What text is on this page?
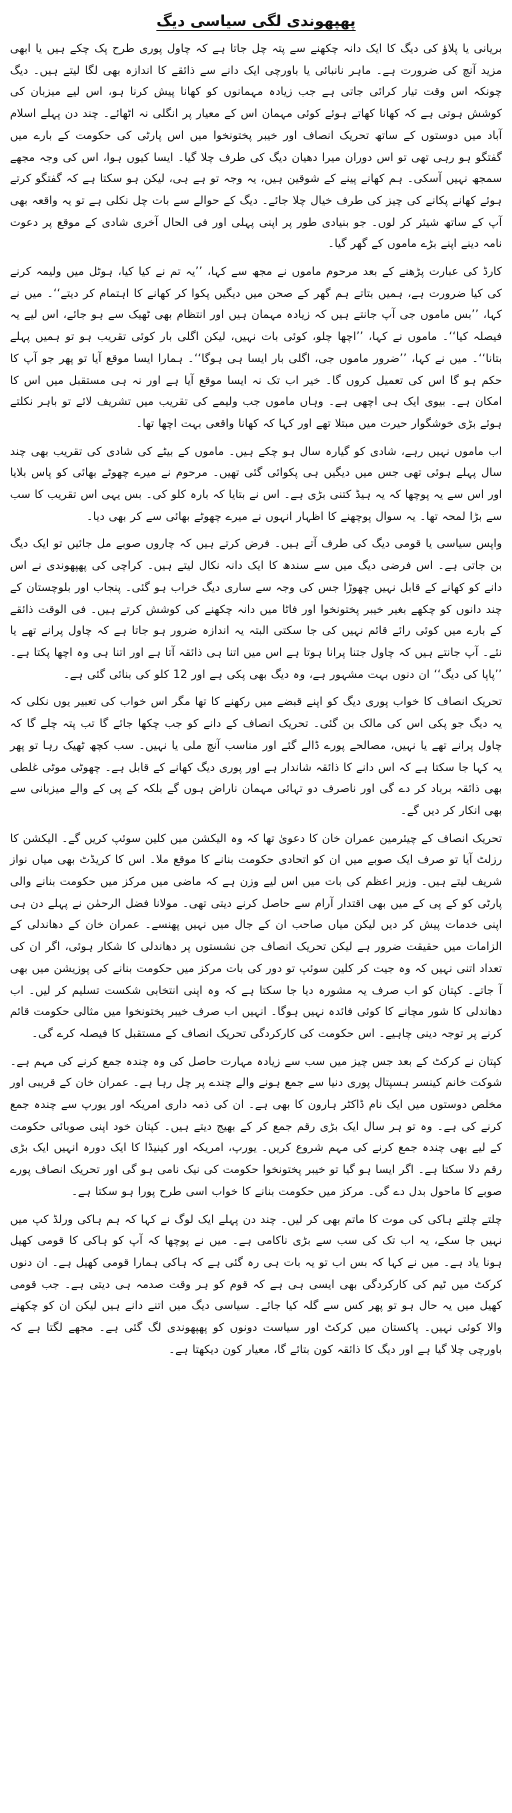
پھپھوندی لگی سیاسی دیگ

بریانی یا پلاؤ کی دیگ کا ایک دانہ چکھنے سے پتہ چل جاتا ہے کہ چاول پوری طرح پک چکے ہیں یا ابھی مزید آنچ کی ضرورت ہے۔ ماہر نانبائی یا باورچی ایک دانے سے ذائقے کا اندازہ بھی لگا لیتے ہیں۔ دیگ چونکہ اس وقت تیار کرائی جاتی ہے جب زیادہ مہمانوں کو کھانا پیش کرنا ہو، اس لیے میزبان کی کوشش ہوتی ہے کہ کھانا کھاتے ہوئے کوئی مہمان اس کے معیار پر انگلی نہ اٹھائے۔ چند دن پہلے اسلام آباد میں دوستوں کے ساتھ تحریک انصاف اور خیبر پختونخوا میں اس پارٹی کی حکومت کے بارے میں گفتگو ہو رہی تھی تو اس دوران میرا دھیان دیگ کی طرف چلا گیا۔ ایسا کیوں ہوا، اس کی وجہ مجھے سمجھ نہیں آسکی۔ ہم کھانے پینے کے شوقین ہیں، یہ وجہ تو ہے ہی، لیکن ہو سکتا ہے کہ گفتگو کرتے ہوئے کھانے پکانے کی چیز کی طرف خیال چلا جائے۔ دیگ کے حوالے سے بات چل نکلی ہے تو یہ واقعہ بھی آپ کے ساتھ شیئر کر لوں۔ جو بنیادی طور پر اپنی پہلی اور فی الحال آخری شادی کے موقع پر دعوت نامہ دینے اپنے بڑے ماموں کے گھر گیا۔

کارڈ کی عبارت پڑھنے کے بعد مرحوم ماموں نے مجھ سے کہا، ’’یہ تم نے کیا کیا، ہوٹل میں ولیمہ کرنے کی کیا ضرورت ہے، ہمیں بتاتے ہم گھر کے صحن میں دیگیں پکوا کر کھانے کا اہتمام کر دیتے‘‘۔ میں نے کہا، ’’بس ماموں جی آپ جانتے ہیں کہ زیادہ مہمان ہیں اور انتظام بھی ٹھیک سے ہو جائے، اس لیے یہ فیصلہ کیا‘‘۔ ماموں نے کہا، ’’اچھا چلو، کوئی بات نہیں، لیکن اگلی بار کوئی تقریب ہو تو ہمیں پہلے بتانا‘‘۔ میں نے کہا، ’’ضرور ماموں جی، اگلی بار ایسا ہی ہوگا‘‘۔ ہمارا ایسا موقع آیا تو پھر جو آپ کا حکم ہو گا اس کی تعمیل کروں گا۔ خیر اب تک نہ ایسا موقع آیا ہے اور نہ ہی مستقبل میں اس کا امکان ہے۔ بیوی ایک ہی اچھی ہے۔ وہاں ماموں جب ولیمے کی تقریب میں تشریف لائے تو باہر نکلتے ہوئے بڑی خوشگوار حیرت میں مبتلا تھے اور کہا کہ کھانا واقعی بہت اچھا تھا۔

اب ماموں نہیں رہے، شادی کو گیارہ سال ہو چکے ہیں۔ ماموں کے بیٹے کی شادی کی تقریب بھی چند سال پہلے ہوئی تھی جس میں دیگیں ہی پکوائی گئی تھیں۔ مرحوم نے میرے چھوٹے بھائی کو پاس بلایا اور اس سے یہ پوچھا کہ یہ ہیڈ کتنی بڑی ہے۔ اس نے بتایا کہ بارہ کلو کی۔ بس یہی اس تقریب کا سب سے بڑا لمحہ تھا۔ یہ سوال پوچھنے کا اظہار انہوں نے میرے چھوٹے بھائی سے کر بھی دیا۔

واپس سیاسی یا قومی دیگ کی طرف آتے ہیں۔ فرض کرتے ہیں کہ چاروں صوبے مل جائیں تو ایک دیگ بن جاتی ہے۔ اس فرضی دیگ میں سے سندھ کا ایک دانہ نکال لیتے ہیں۔ کراچی کی پھپھوندی نے اس دانے کو کھانے کے قابل نہیں چھوڑا جس کی وجہ سے ساری دیگ خراب ہو گئی۔ پنجاب اور بلوچستان کے چند دانوں کو چکھے بغیر خیبر پختونخوا اور فاٹا میں دانہ چکھنے کی کوشش کرتے ہیں۔ فی الوقت ذائقے کے بارے میں کوئی رائے قائم نہیں کی جا سکتی البتہ یہ اندازہ ضرور ہو جاتا ہے کہ چاول پرانے تھے یا نئے۔ آپ جانتے ہیں کہ چاول جتنا پرانا ہوتا ہے اس میں اتنا ہی ذائقہ آتا ہے اور اتنا ہی وہ اچھا پکتا ہے۔ ’’پاپا کی دیگ‘‘ ان دنوں بہت مشہور ہے، وہ دیگ بھی پکی ہے اور 12 کلو کی بنائی گئی ہے۔

تحریک انصاف کا خواب پوری دیگ کو اپنے قبضے میں رکھنے کا تھا مگر اس خواب کی تعبیر یوں نکلی کہ یہ دیگ جو پکی اس کی مالک بن گئی۔ تحریک انصاف کے دانے کو جب چکھا جائے گا تب پتہ چلے گا کہ چاول پرانے تھے یا نہیں، مصالحے پورے ڈالے گئے اور مناسب آنچ ملی یا نہیں۔ سب کچھ ٹھیک رہا تو پھر یہ کہا جا سکتا ہے کہ اس دانے کا ذائقہ شاندار ہے اور پوری دیگ کھانے کے قابل ہے۔ چھوٹی موٹی غلطی بھی ذائقہ برباد کر دے گی اور ناصرف دو تہائی مہمان ناراض ہوں گے بلکہ کے پی کے والے میزبانی سے بھی انکار کر دیں گے۔

تحریک انصاف کے چیئرمین عمران خان کا دعویٰ تھا کہ وہ الیکشن میں کلین سوئپ کریں گے۔ الیکشن کا رزلٹ آیا تو صرف ایک صوبے میں ان کو اتحادی حکومت بنانے کا موقع ملا۔ اس کا کریڈٹ بھی میاں نواز شریف لیتے ہیں۔ وزیر اعظم کی بات میں اس لیے وزن ہے کہ ماضی میں مرکز میں حکومت بنانے والی پارٹی کو کے پی کے میں بھی اقتدار آرام سے حاصل کرنے دیتی تھی۔ مولانا فضل الرحمٰن نے پہلے دن ہی اپنی خدمات پیش کر دیں لیکن میاں صاحب ان کے جال میں نہیں پھنسے۔ عمران خان کے دھاندلی کے الزامات میں حقیقت ضرور ہے لیکن تحریک انصاف جن نشستوں پر دھاندلی کا شکار ہوئی، اگر ان کی تعداد اتنی نہیں کہ وہ جیت کر کلین سوئپ تو دور کی بات مرکز میں حکومت بنانے کی پوزیشن میں بھی آ جاتے۔ کپتان کو اب صرف یہ مشورہ دیا جا سکتا ہے کہ وہ اپنی انتخابی شکست تسلیم کر لیں۔ اب دھاندلی کا شور مچانے کا کوئی فائدہ نہیں ہوگا۔ انہیں اب صرف خیبر پختونخوا میں مثالی حکومت قائم کرنے پر توجہ دینی چاہیے۔ اس حکومت کی کارکردگی تحریک انصاف کے مستقبل کا فیصلہ کرے گی۔

کپتان نے کرکٹ کے بعد جس چیز میں سب سے زیادہ مہارت حاصل کی وہ چندہ جمع کرنے کی مہم ہے۔ شوکت خانم کینسر ہسپتال پوری دنیا سے جمع ہونے والے چندے پر چل رہا ہے۔ عمران خان کے قریبی اور مخلص دوستوں میں ایک نام ڈاکٹر ہارون کا بھی ہے۔ ان کی ذمہ داری امریکہ اور یورپ سے چندہ جمع کرنے کی ہے۔ وہ تو ہر سال ایک بڑی رقم جمع کر کے بھیج دیتے ہیں۔ کپتان خود اپنی صوبائی حکومت کے لیے بھی چندہ جمع کرنے کی مہم شروع کریں۔ یورپ، امریکہ اور کینیڈا کا ایک دورہ انہیں ایک بڑی رقم دلا سکتا ہے۔ اگر ایسا ہو گیا تو خیبر پختونخوا حکومت کی نیک نامی ہو گی اور تحریک انصاف پورے صوبے کا ماحول بدل دے گی۔ مرکز میں حکومت بنانے کا خواب اسی طرح پورا ہو سکتا ہے۔

چلتے چلتے ہاکی کی موت کا ماتم بھی کر لیں۔ چند دن پہلے ایک لوگ نے کہا کہ ہم ہاکی ورلڈ کپ میں نہیں جا سکے، یہ اب تک کی سب سے بڑی ناکامی ہے۔ میں نے پوچھا کہ آپ کو ہاکی کا قومی کھیل ہونا یاد ہے۔ میں نے کہا کہ بس اب تو یہ بات ہی رہ گئی ہے کہ ہاکی ہمارا قومی کھیل ہے۔ ان دنوں کرکٹ میں ٹیم کی کارکردگی بھی ایسی ہی ہے کہ قوم کو ہر وقت صدمہ ہی دیتی ہے۔ جب قومی کھیل میں یہ حال ہو تو پھر کس سے گلہ کیا جائے۔ سیاسی دیگ میں اتنے دانے ہیں لیکن ان کو چکھنے والا کوئی نہیں۔ پاکستان میں کرکٹ اور سیاست دونوں کو پھپھوندی لگ گئی ہے۔ مجھے لگتا ہے کہ باورچی چلا گیا ہے اور دیگ کا ذائقہ کون بتائے گا، معیار کون دیکھتا ہے۔
